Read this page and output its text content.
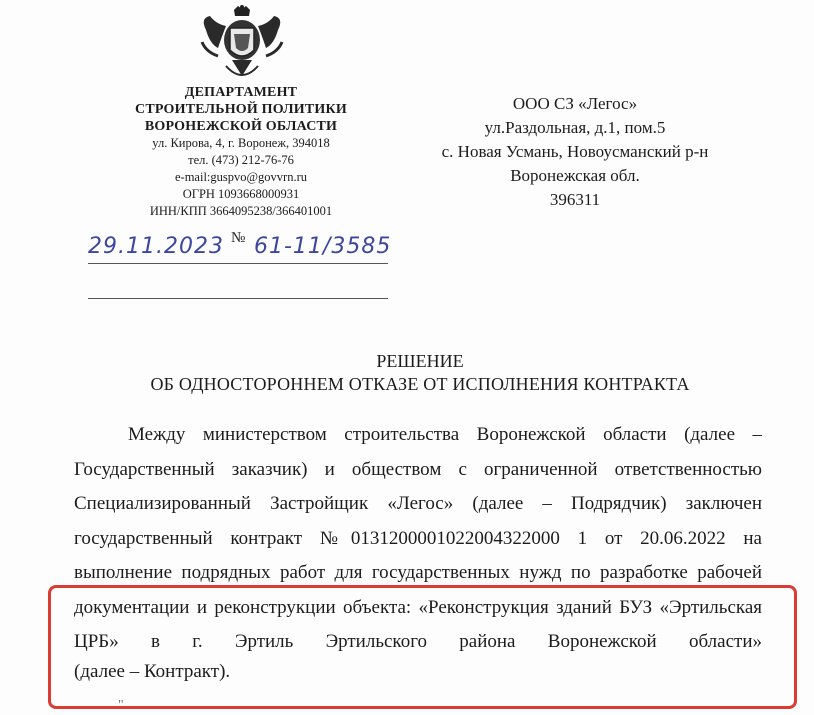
ДЕПАРТАМЕНТ
СТРОИТЕЛЬНОЙ ПОЛИТИКИ
ВОРОНЕЖСКОЙ ОБЛАСТИ
ул. Кирова, 4, г. Воронеж, 394018
тел. (473) 212-76-76
e-mail:guspvo@govvrn.ru
ОГРН 1093668000931
ИНН/КПП 3664095238/366401001
29.11.2023 № 61-11/3585
ООО СЗ «Легос»
ул.Раздольная, д.1, пом.5
с. Новая Усмань, Новоусманский р-н
Воронежская обл.
396311
РЕШЕНИЕ
ОБ ОДНОСТОРОННЕМ ОТКАЗЕ ОТ ИСПОЛНЕНИЯ КОНТРАКТА
Между министерством строительства Воронежской области (далее – Государственный заказчик) и обществом с ограниченной ответственностью Специализированный Застройщик «Легос» (далее – Подрядчик) заключен государственный контракт №0131200001022004322000 1 от 20.06.2022 на выполнение подрядных работ для государственных нужд по разработке рабочей документации и реконструкции объекта: «Реконструкция зданий БУЗ «Эртильская ЦРБ» в г. Эртиль Эртильского района Воронежской области»
(далее – Контракт).
"
